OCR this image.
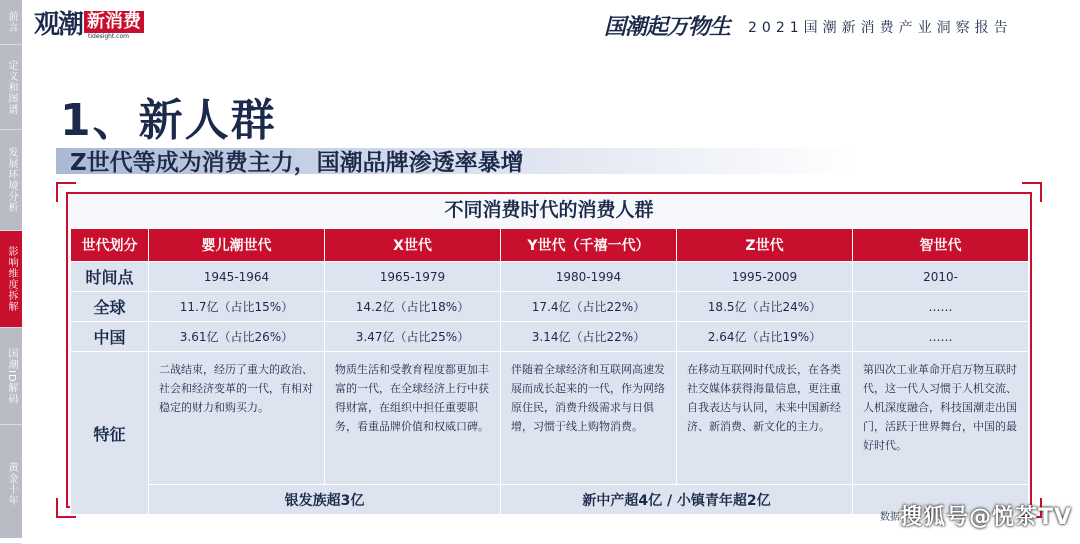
前言
定义和图谱
发展环境分析
影响维度拆解
国潮ID解码
黄金十年
观潮 新消费
tidesight.com	国潮起万物生 2021国潮新消费产业洞察报告
1、新人群
Z世代等成为消费主力，国潮品牌渗透率暴增
不同消费时代的消费人群
世代划分	婴儿潮世代	X世代	Y世代（千禧一代）	Z世代	智世代
时间点	1945-1964	1965-1979	1980-1994	1995-2009	2010-
全球	11.7亿（占比15%）	14.2亿（占比18%）	17.4亿（占比22%）	18.5亿（占比24%）	……
中国	3.61亿（占比26%）	3.47亿（占比25%）	3.14亿（占比22%）	2.64亿（占比19%）	……
特征	二战结束，经历了重大的政治、社会和经济变革的一代，有相对稳定的财力和购买力。	物质生活和受教育程度都更加丰富的一代，在全球经济上行中获得财富，在组织中担任重要职务，看重品牌价值和权威口碑。	伴随着全球经济和互联网高速发展而成长起来的一代，作为网络原住民，消费升级需求与日俱增，习惯于线上购物消费。	在移动互联网时代成长，在各类社交媒体获得海量信息，更注重自我表达与认同，未来中国新经济、新消费、新文化的主力。	第四次工业革命开启万物互联时代，这一代人习惯于人机交流、人机深度融合，科技国潮走出国门，活跃于世界舞台，中国的最好时代。
	银发族超3亿		新中产超4亿 / 小镇青年超2亿		
数据 搜狐号@悦茶TV
